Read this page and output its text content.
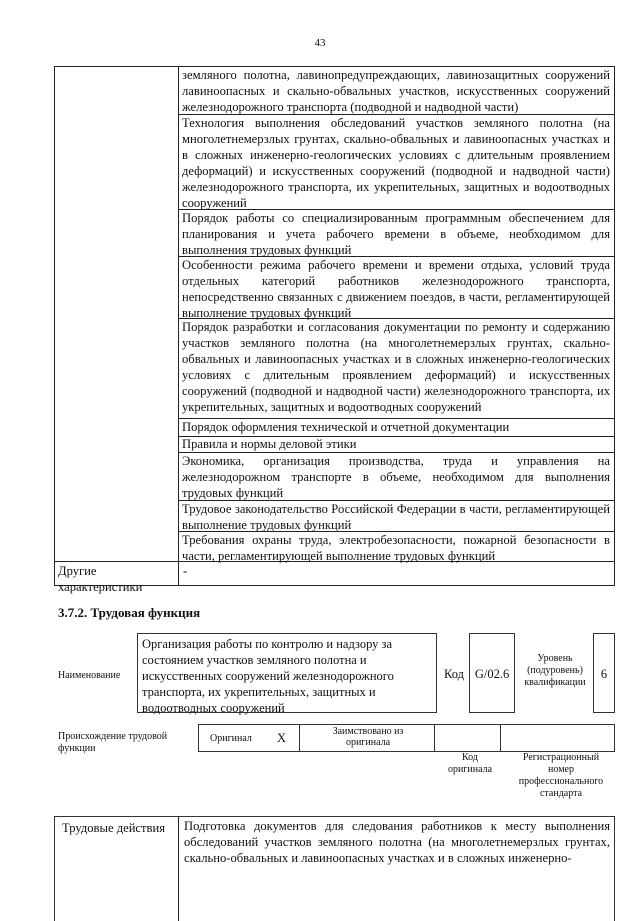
43
земляного полотна, лавинопредупреждающих, лавинозащитных сооружений лавиноопасных и скально-обвальных участков, искусственных сооружений железнодорожного транспорта (подводной и надводной части)
Технология выполнения обследований участков земляного полотна (на многолетнемерзлых грунтах, скально-обвальных и лавиноопасных участках и в сложных инженерно-геологических условиях с длительным проявлением деформаций) и искусственных сооружений (подводной и надводной части) железнодорожного транспорта, их укрепительных, защитных и водоотводных сооружений
Порядок работы со специализированным программным обеспечением для планирования и учета рабочего времени в объеме, необходимом для выполнения трудовых функций
Особенности режима рабочего времени и времени отдыха, условий труда отдельных категорий работников железнодорожного транспорта, непосредственно связанных с движением поездов, в части, регламентирующей выполнение трудовых функций
Порядок разработки и согласования документации по ремонту и содержанию участков земляного полотна (на многолетнемерзлых грунтах, скально-обвальных и лавиноопасных участках и в сложных инженерно-геологических условиях с длительным проявлением деформаций) и искусственных сооружений (подводной и надводной части) железнодорожного транспорта, их укрепительных, защитных и водоотводных сооружений
Порядок оформления технической и отчетной документации
Правила и нормы деловой этики
Экономика, организация производства, труда и управления на железнодорожном транспорте в объеме, необходимом для выполнения трудовых функций
Трудовое законодательство Российской Федерации в части, регламентирующей выполнение трудовых функций
Требования охраны труда, электробезопасности, пожарной безопасности в части, регламентирующей выполнение трудовых функций
Другие характеристики
-
3.7.2. Трудовая функция
Наименование
Организация работы по контролю и надзору за состоянием участков земляного полотна и искусственных сооружений железнодорожного транспорта, их укрепительных, защитных и водоотводных сооружений
Код G/02.6
Уровень (подуровень) квалификации
6
Происхождение трудовой функции
Оригинал X	Заимствовано из оригинала
Код оригинала
Регистрационный номер профессионального стандарта
Трудовые действия Подготовка документов для следования работников к месту выполнения обследований участков земляного полотна (на многолетнемерзлых грунтах, скально-обвальных и лавиноопасных участках и в сложных инженерно-
